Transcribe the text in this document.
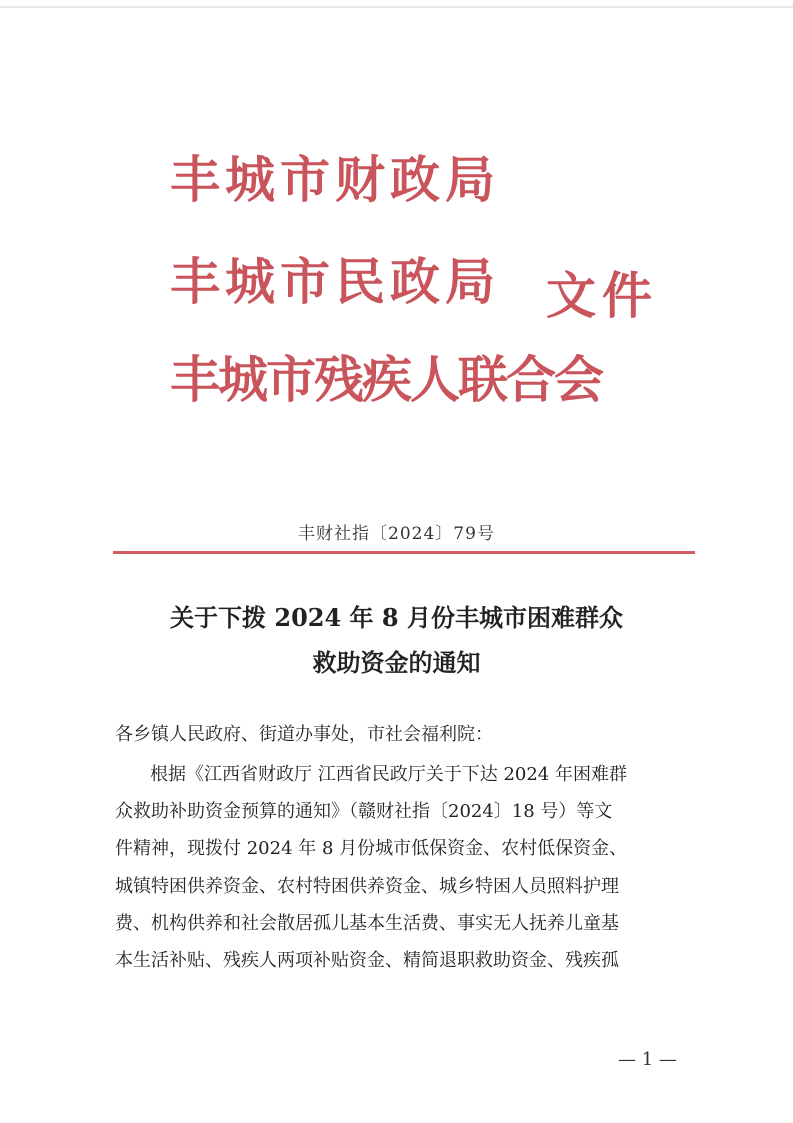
丰城市财政局
丰城市民政局
丰城市残疾人联合会
文件
丰财社指〔2024〕79号
关于下拨 2024 年 8 月份丰城市困难群众
救助资金的通知
各乡镇人民政府、街道办事处，市社会福利院：
根据《江西省财政厅 江西省民政厅关于下达 2024 年困难群
众救助补助资金预算的通知》（赣财社指〔2024〕18 号）等文
件精神，现拨付 2024 年 8 月份城市低保资金、农村低保资金、
城镇特困供养资金、农村特困供养资金、城乡特困人员照料护理
费、机构供养和社会散居孤儿基本生活费、事实无人抚养儿童基
本生活补贴、残疾人两项补贴资金、精简退职救助资金、残疾孤
— 1 —
